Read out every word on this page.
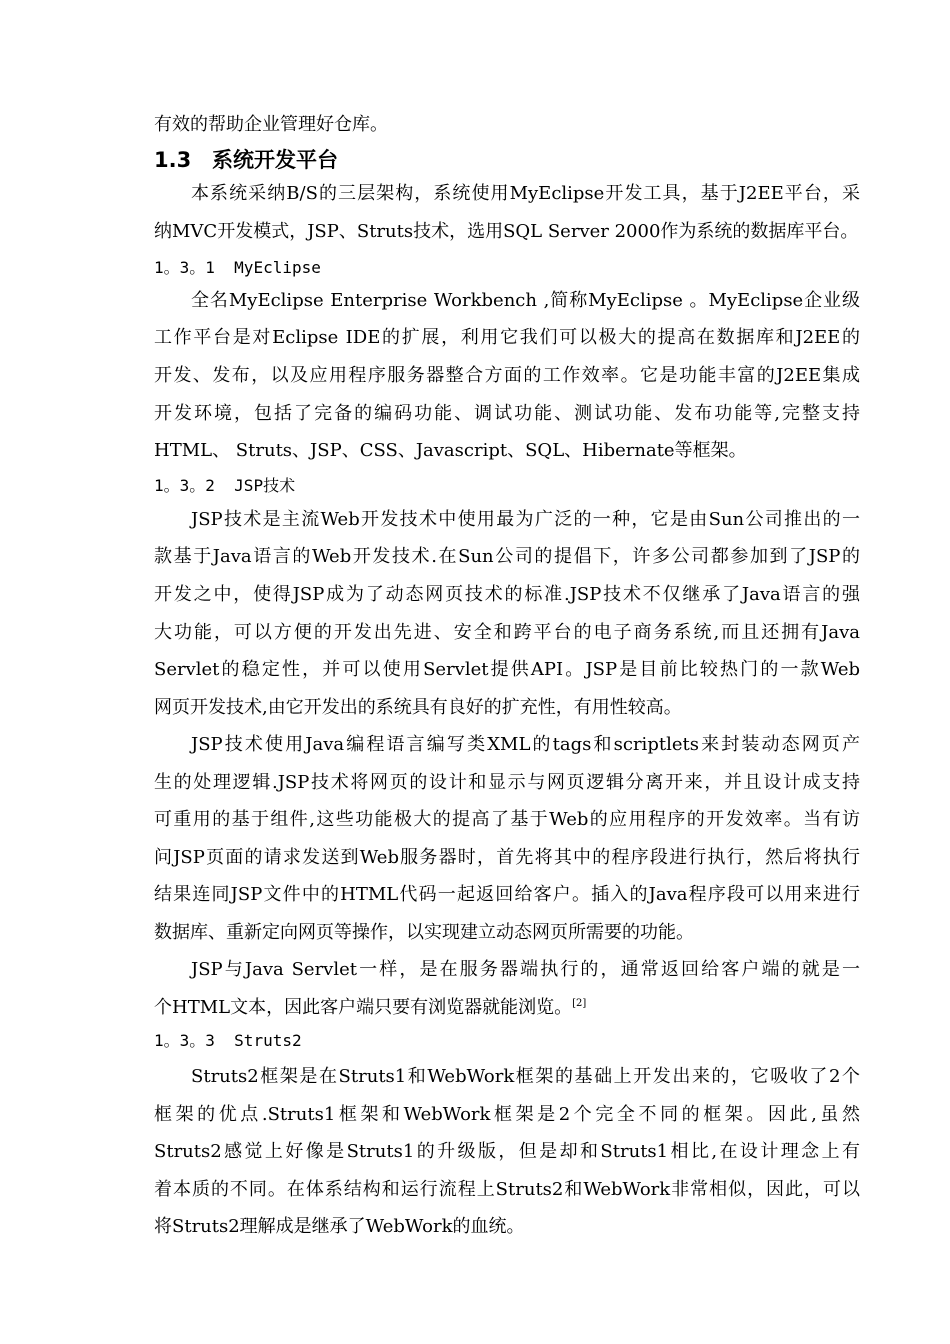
有效的帮助企业管理好仓库。
1.3 系统开发平台
本系统采纳B/S的三层架构，系统使用MyEclipse开发工具，基于J2EE平台，采
纳MVC开发模式，JSP、Struts技术，选用SQL Server 2000作为系统的数据库平台。
1。3。1 MyEclipse
全名MyEclipse Enterprise Workbench ,简称MyEclipse 。MyEclipse企业级
工作平台是对Eclipse IDE的扩展，利用它我们可以极大的提高在数据库和J2EE的
开发、发布，以及应用程序服务器整合方面的工作效率。它是功能丰富的J2EE集成
开发环境，包括了完备的编码功能、调试功能、测试功能、发布功能等,完整支持
HTML、 Struts、JSP、CSS、Javascript、SQL、Hibernate等框架。
1。3。2 JSP技术
JSP技术是主流Web开发技术中使用最为广泛的一种，它是由Sun公司推出的一
款基于Java语言的Web开发技术.在Sun公司的提倡下，许多公司都参加到了JSP的
开发之中，使得JSP成为了动态网页技术的标准.JSP技术不仅继承了Java语言的强
大功能，可以方便的开发出先进、安全和跨平台的电子商务系统,而且还拥有Java
Servlet的稳定性，并可以使用Servlet提供API。JSP是目前比较热门的一款Web
网页开发技术,由它开发出的系统具有良好的扩充性，有用性较高。
JSP技术使用Java编程语言编写类XML的tags和scriptlets来封装动态网页产
生的处理逻辑.JSP技术将网页的设计和显示与网页逻辑分离开来，并且设计成支持
可重用的基于组件,这些功能极大的提高了基于Web的应用程序的开发效率。当有访
问JSP页面的请求发送到Web服务器时，首先将其中的程序段进行执行，然后将执行
结果连同JSP文件中的HTML代码一起返回给客户。插入的Java程序段可以用来进行
数据库、重新定向网页等操作，以实现建立动态网页所需要的功能。
JSP与Java Servlet一样，是在服务器端执行的，通常返回给客户端的就是一
个HTML文本，因此客户端只要有浏览器就能浏览。[2]
1。3。3 Struts2
Struts2框架是在Struts1和WebWork框架的基础上开发出来的，它吸收了2个
框架的优点.Struts1框架和WebWork框架是2个完全不同的框架。因此,虽然
Struts2感觉上好像是Struts1的升级版，但是却和Struts1相比,在设计理念上有
着本质的不同。在体系结构和运行流程上Struts2和WebWork非常相似，因此，可以
将Struts2理解成是继承了WebWork的血统。
